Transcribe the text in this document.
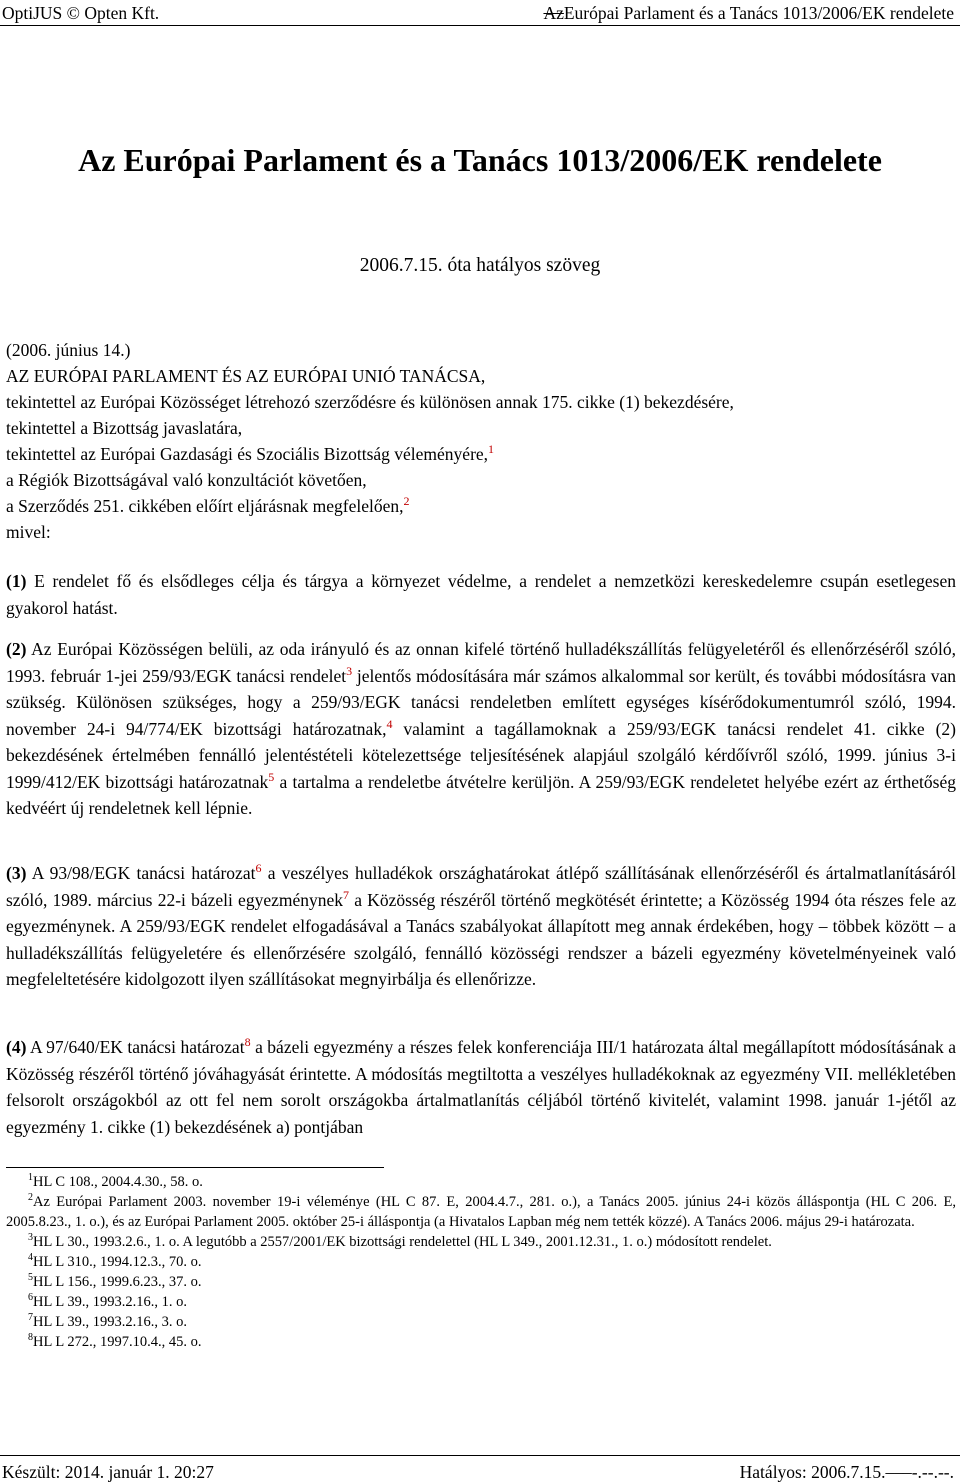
OptiJUS © Opten Kft.	AzEurópai Parlament és a Tanács 1013/2006/EK rendelete
Az Európai Parlament és a Tanács 1013/2006/EK rendelete
2006.7.15. óta hatályos szöveg
(2006. június 14.)
AZ EURÓPAI PARLAMENT ÉS AZ EURÓPAI UNIÓ TANÁCSA,
tekintettel az Európai Közösséget létrehozó szerződésre és különösen annak 175. cikke (1) bekezdésére,
tekintettel a Bizottság javaslatára,
tekintettel az Európai Gazdasági és Szociális Bizottság véleményére,$^1$
a Régiók Bizottságával való konzultációt követően,
a Szerződés 251. cikkében előírt eljárásnak megfelelően,$^2$
mivel:

(1) E rendelet fő és elsődleges célja és tárgya a környezet védelme, a rendelet a nemzetközi kereskedelemre csupán esetlegesen gyakorol hatást.

(2) Az Európai Közösségen belüli, az oda irányuló és az onnan kifelé történő hulladékszállítás felügyeletéről és ellenőrzéséről szóló, 1993. február 1-jei 259/93/EGK tanácsi rendelet$^3$ jelentős módosítására már számos alkalommal sor került, és további módosításra van szükség. Különösen szükséges, hogy a 259/93/EGK tanácsi rendeletben említett egységes kísérődokumentumról szóló, 1994. november 24-i 94/774/EK bizottsági határozatnak,$^4$ valamint a tagállamoknak a 259/93/EGK tanácsi rendelet 41. cikke (2) bekezdésének értelmében fennálló jelentéstételi kötelezettsége teljesítésének alapjául szolgáló kérdőívről szóló, 1999. június 3-i 1999/412/EK bizottsági határozatnak$^5$ a tartalma a rendeletbe átvételre kerüljön. A 259/93/EGK rendeletet helyébe ezért az érthetőség kedvéért új rendeletnek kell lépnie.

(3) A 93/98/EGK tanácsi határozat$^6$ a veszélyes hulladékok országhatárokat átlépő szállításának ellenőrzéséről és ártalmatlanításáról szóló, 1989. március 22-i bázeli egyezménynek$^7$ a Közösség részéről történő megkötését érintette; a Közösség 1994 óta részes fele az egyezménynek. A 259/93/EGK rendelet elfogadásával a Tanács szabályokat állapított meg annak érdekében, hogy – többek között – a hulladékszállítás felügyeletére és ellenőrzésére szolgáló, fennálló közösségi rendszer a bázeli egyezmény követelményeinek való megfeleltetésére kidolgozott ilyen szállításokat megnyirbálja és ellenőrizze.

(4) A 97/640/EK tanácsi határozat$^8$ a bázeli egyezmény a részes felek konferenciája III/1 határozata által megállapított módosításának a Közösség részéről történő jóváhagyását érintette. A módosítás megtiltotta a veszélyes hulladékoknak az egyezmény VII. mellékletében felsorolt országokból az ott fel nem sorolt országokba ártalmatlanítás céljából történő kivitelét, valamint 1998. január 1-jétől az egyezmény 1. cikke (1) bekezdésének a) pontjában

$^1$HL C 108., 2004.4.30., 58. o.
$^2$Az Európai Parlament 2003. november 19-i véleménye (HL C 87. E, 2004.4.7., 281. o.), a Tanács 2005. június 24-i közös álláspontja (HL C 206. E, 2005.8.23., 1. o.), és az Európai Parlament 2005. október 25-i álláspontja (a Hivatalos Lapban még nem tették közzé). A Tanács 2006. május 29-i határozata.
$^3$HL L 30., 1993.2.6., 1. o. A legutóbb a 2557/2001/EK bizottsági rendelettel (HL L 349., 2001.12.31., 1. o.) módosított rendelet.
$^4$HL L 310., 1994.12.3., 70. o.
$^5$HL L 156., 1999.6.23., 37. o.
$^6$HL L 39., 1993.2.16., 1. o.
$^7$HL L 39., 1993.2.16., 3. o.
$^8$HL L 272., 1997.10.4., 45. o.
Készült: 2014. január 1. 20:27	Hatályos: 2006.7.15.–––-.--.--.
